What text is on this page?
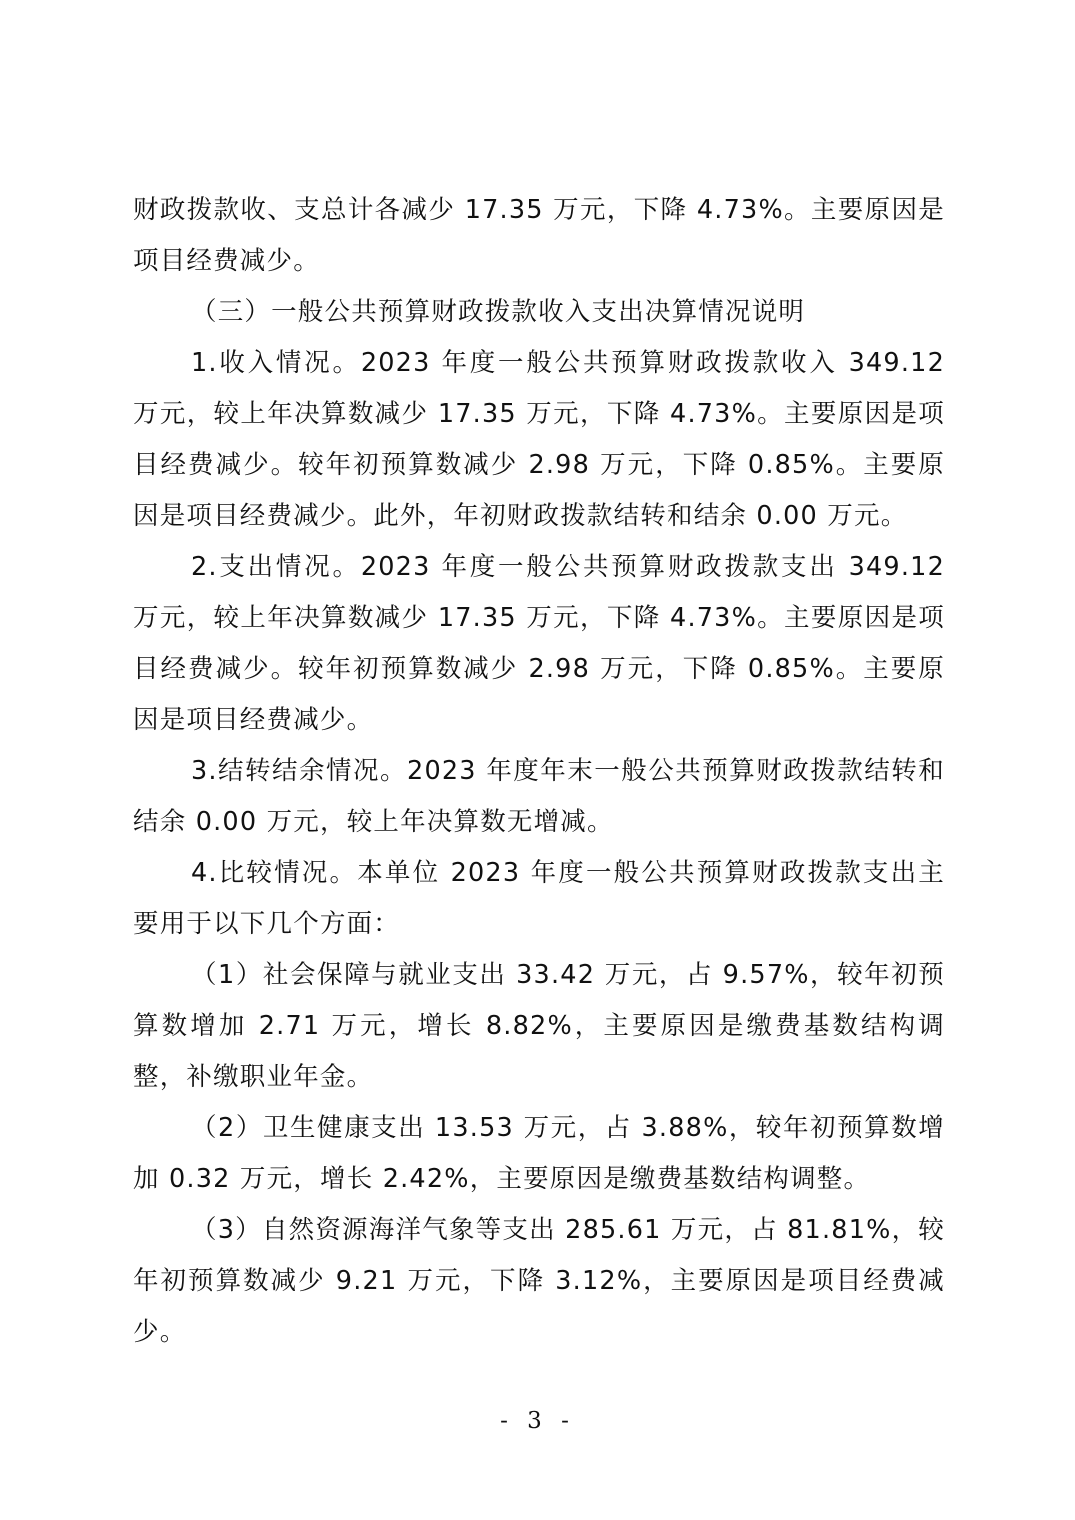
财政拨款收、支总计各减少 17.35 万元，下降 4.73%。主要原因是项目经费减少。

（三）一般公共预算财政拨款收入支出决算情况说明

1.收入情况。2023 年度一般公共预算财政拨款收入 349.12 万元，较上年决算数减少 17.35 万元，下降 4.73%。主要原因是项目经费减少。较年初预算数减少 2.98 万元，下降 0.85%。主要原因是项目经费减少。此外，年初财政拨款结转和结余 0.00 万元。

2.支出情况。2023 年度一般公共预算财政拨款支出 349.12 万元，较上年决算数减少 17.35 万元，下降 4.73%。主要原因是项目经费减少。较年初预算数减少 2.98 万元，下降 0.85%。主要原因是项目经费减少。

3.结转结余情况。2023 年度年末一般公共预算财政拨款结转和结余 0.00 万元，较上年决算数无增减。

4.比较情况。本单位 2023 年度一般公共预算财政拨款支出主要用于以下几个方面：

（1）社会保障与就业支出 33.42 万元，占 9.57%，较年初预算数增加 2.71 万元，增长 8.82%，主要原因是缴费基数结构调整，补缴职业年金。

（2）卫生健康支出 13.53 万元，占 3.88%，较年初预算数增加 0.32 万元，增长 2.42%，主要原因是缴费基数结构调整。

（3）自然资源海洋气象等支出 285.61 万元，占 81.81%，较年初预算数减少 9.21 万元，下降 3.12%，主要原因是项目经费减少。

- 3 -
